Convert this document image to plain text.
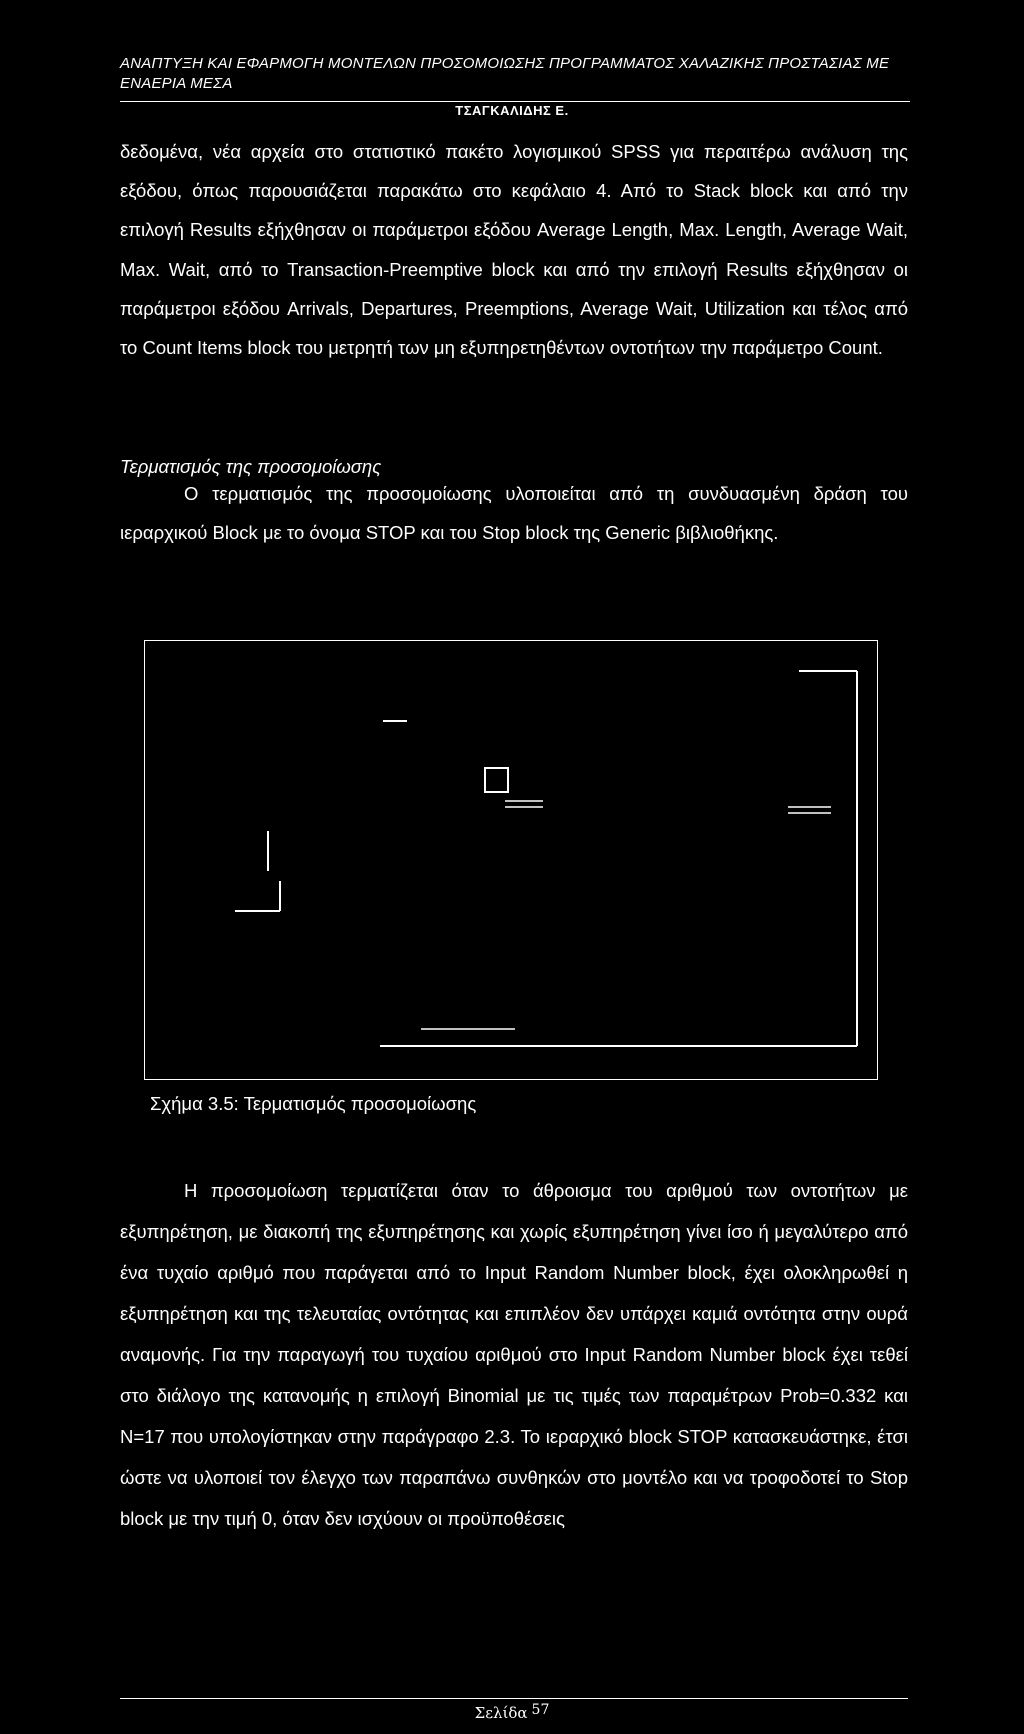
ΑΝΑΠΤΥΞΗ ΚΑΙ ΕΦΑΡΜΟΓΗ ΜΟΝΤΕΛΩΝ ΠΡΟΣΟΜΟΙΩΣΗΣ ΠΡΟΓΡΑΜΜΑΤΟΣ ΧΑΛΑΖΙΚΗΣ ΠΡΟΣΤΑΣΙΑΣ ΜΕ ΕΝΑΕΡΙΑ ΜΕΣΑ
ΤΣΑΓΚΑΛΙΔΗΣ Ε.
δεδομένα, νέα αρχεία στο στατιστικό πακέτο λογισμικού SPSS για περαιτέρω ανάλυση της εξόδου, όπως παρουσιάζεται παρακάτω στο κεφάλαιο 4. Από το Stack block και από την επιλογή Results εξήχθησαν οι παράμετροι εξόδου Average Length, Max. Length, Average Wait, Max. Wait, από το Transaction-Preemptive block και από την επιλογή Results εξήχθησαν οι παράμετροι εξόδου Arrivals, Departures, Preemptions, Average Wait, Utilization και τέλος από το Count Items block του μετρητή των μη εξυπηρετηθέντων οντοτήτων την παράμετρο Count.
Τερματισμός της προσομοίωσης
Ο τερματισμός της προσομοίωσης υλοποιείται από τη συνδυασμένη δράση του ιεραρχικού Block με το όνομα STOP και του Stop block της Generic βιβλιοθήκης.
Σχήμα 3.5: Τερματισμός προσομοίωσης
Η προσομοίωση τερματίζεται όταν το άθροισμα του αριθμού των οντοτήτων με εξυπηρέτηση, με διακοπή της εξυπηρέτησης και χωρίς εξυπηρέτηση γίνει ίσο ή μεγαλύτερο από ένα τυχαίο αριθμό που παράγεται από το Input Random Number block, έχει ολοκληρωθεί η εξυπηρέτηση και της τελευταίας οντότητας και επιπλέον δεν υπάρχει καμιά οντότητα στην ουρά αναμονής. Για την παραγωγή του τυχαίου αριθμού στο Input Random Number block έχει τεθεί στο διάλογο της κατανομής η επιλογή Binomial με τις τιμές των παραμέτρων Prob=0.332 και Ν=17 που υπολογίστηκαν στην παράγραφο 2.3. Το ιεραρχικό block STOP κατασκευάστηκε, έτσι ώστε να υλοποιεί τον έλεγχο των παραπάνω συνθηκών στο μοντέλο και να τροφοδοτεί το Stop block με την τιμή 0, όταν δεν ισχύουν οι προϋποθέσεις
Σελίδα 57
